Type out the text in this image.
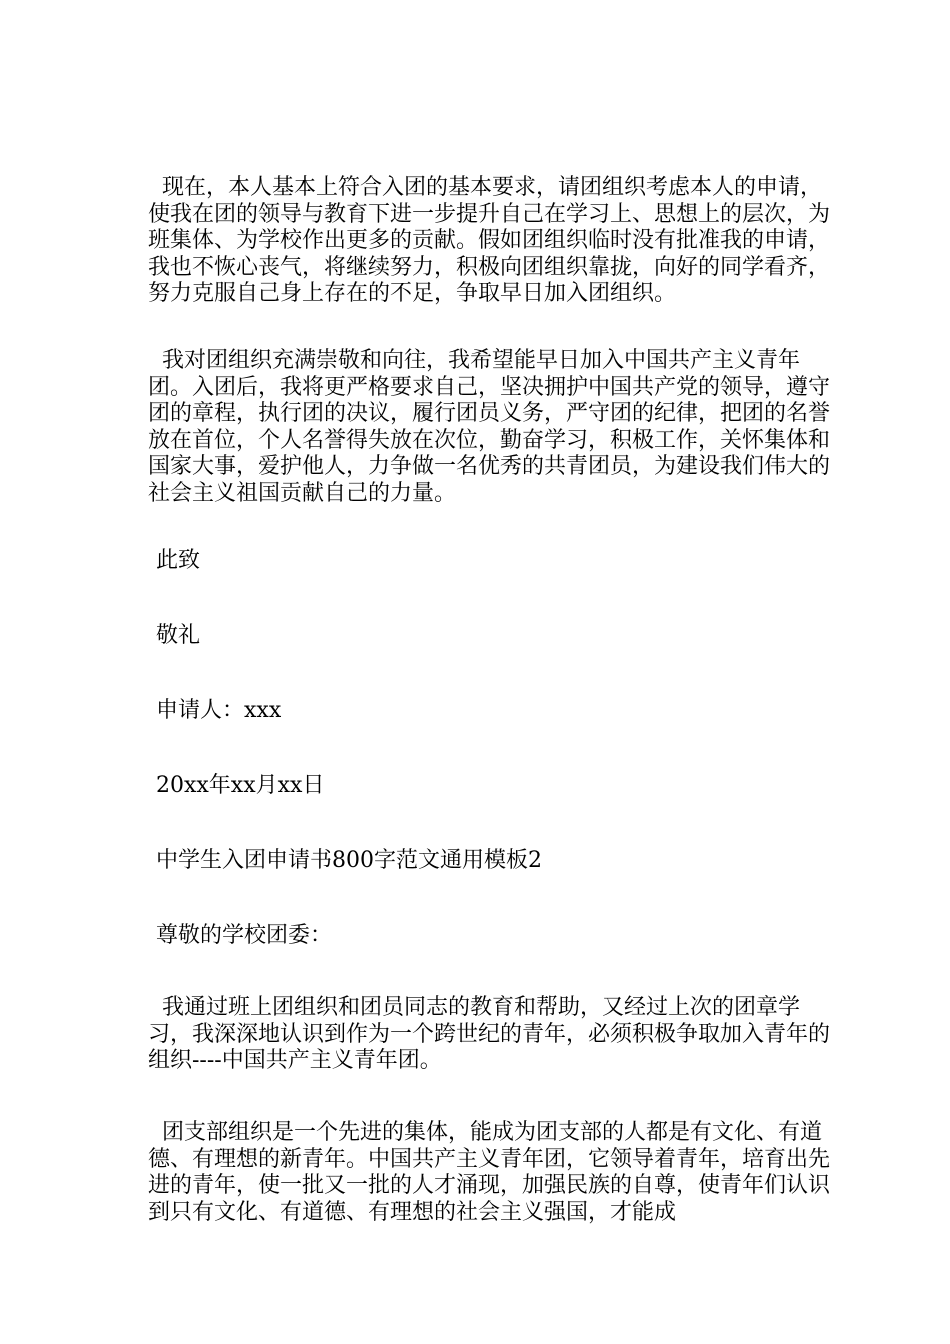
现在，本人基本上符合入团的基本要求，请团组织考虑本人的申请，使我在团的领导与教育下进一步提升自己在学习上、思想上的层次，为班集体、为学校作出更多的贡献。假如团组织临时没有批准我的申请，我也不恢心丧气，将继续努力，积极向团组织靠拢，向好的同学看齐，努力克服自己身上存在的不足，争取早日加入团组织。

我对团组织充满崇敬和向往，我希望能早日加入中国共产主义青年团。入团后，我将更严格要求自己，坚决拥护中国共产党的领导，遵守团的章程，执行团的决议，履行团员义务，严守团的纪律，把团的名誉放在首位，个人名誉得失放在次位，勤奋学习，积极工作，关怀集体和国家大事，爱护他人，力争做一名优秀的共青团员，为建设我们伟大的社会主义祖国贡献自己的力量。

此致

敬礼

申请人：xxx

20xx年xx月xx日

中学生入团申请书800字范文通用模板2

尊敬的学校团委：

我通过班上团组织和团员同志的教育和帮助，又经过上次的团章学习，我深深地认识到作为一个跨世纪的青年，必须积极争取加入青年的组织----中国共产主义青年团。

团支部组织是一个先进的集体，能成为团支部的人都是有文化、有道德、有理想的新青年。中国共产主义青年团，它领导着青年，培育出先进的青年，使一批又一批的人才涌现，加强民族的自尊，使青年们认识到只有文化、有道德、有理想的社会主义强国，才能成
